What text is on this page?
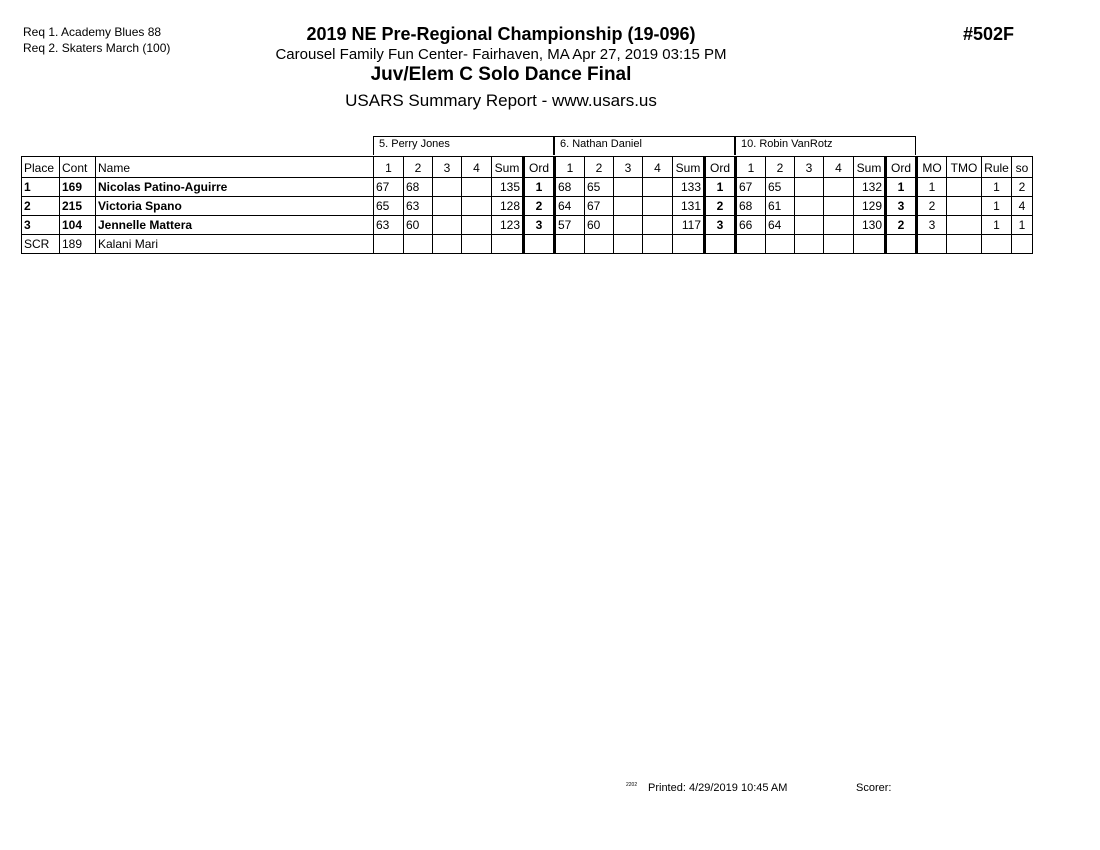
Req 1. Academy Blues 88
Req 2. Skaters March (100)
2019 NE Pre-Regional Championship (19-096)
Carousel Family Fun Center- Fairhaven, MA Apr 27, 2019 03:15 PM
Juv/Elem C Solo Dance Final
USARS Summary Report - www.usars.us
#502F
5. Perry Jones	6. Nathan Daniel	10. Robin VanRotz
Place	Cont	Name	1	2	3	4	Sum	Ord	1	2	3	4	Sum	Ord	1	2	3	4	Sum	Ord	MO	TMO	Rule	so
1	169	Nicolas Patino-Aguirre	67	68			135	1	68	65			133	1	67	65			132	1	1		1	2
2	215	Victoria Spano	65	63			128	2	64	67			131	2	68	61			129	3	2		1	4
3	104	Jennelle Mattera	63	60			123	3	57	60			117	3	66	64			130	2	3		1	1
SCR	189	Kalani Mari																						
2202 Printed: 4/29/2019 10:45 AM	Scorer:
